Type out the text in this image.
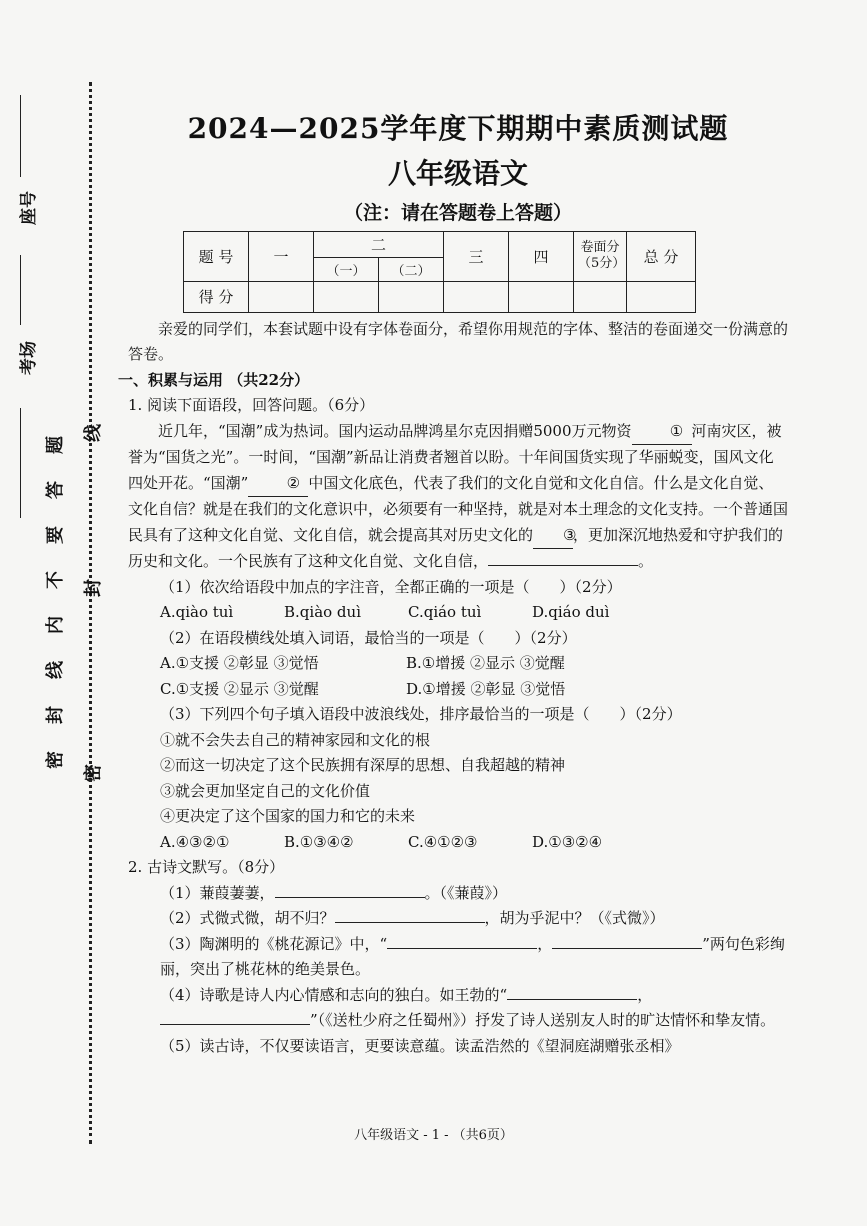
座号
考场
线
封
密
题
答
要
不
内
线
封
密
2024—2025学年度下期期中素质测试题
八年级语文
（注：请在答题卷上答题）
题 号	一	二		三	四	卷面分（5分）	总 分
		（一）	（二）				
得 分							

亲爱的同学们，本套试题中设有字体卷面分，希望你用规范的字体、整洁的卷面递交一份满意的答卷。

一、积累与运用 （共22分）

1. 阅读下面语段，回答问题。（6分）

近几年，“国潮”成为热词。国内运动品牌鸿星尔克因捐赠5000万元物资	① 河南灾区，被誉为“国货之光”。一时间，“国潮”新品让消费者翘首以盼。十年间国货实现了华丽蜕变，国风文化四处开花。“国潮”	② 中国文化底色，代表了我们的文化自觉和文化自信。什么是文化自觉、文化自信？就是在我们的文化意识中，必须要有一种坚持，就是对本土理念的文化支持。一个普通国民具有了这种文化自觉、文化自信，就会提高其对历史文化的 ③，更加深沉地热爱和守护我们的历史和文化。一个民族有了这种文化自觉、文化自信，	。

（1）依次给语段中加点的字注音，全都正确的一项是（　　）（2分）

A.qiào tuì	B.qiào duì	C.qiáo tuì	D.qiáo duì

（2）在语段横线处填入词语，最恰当的一项是（　　）（2分）

A.①支援 ②彰显 ③觉悟	B.①增援 ②显示 ③觉醒
C.①支援 ②显示 ③觉醒	D.①增援 ②彰显 ③觉悟

（3）下列四个句子填入语段中波浪线处，排序最恰当的一项是（　　）（2分）

①就不会失去自己的精神家园和文化的根

②而这一切决定了这个民族拥有深厚的思想、自我超越的精神

③就会更加坚定自己的文化价值

④更决定了这个国家的国力和它的未来

A.④③②①	B.①③④②	C.④①②③	D.①③②④

2. 古诗文默写。（8分）

（1）蒹葭萋萋，	。（《蒹葭》）

（2）式微式微，胡不归？	，胡为乎泥中？（《式微》）

（3）陶渊明的《桃花源记》中，“	，	”两句色彩绚丽，突出了桃花林的绝美景色。

（4）诗歌是诗人内心情感和志向的独白。如王勃的“	，”（《送杜少府之任蜀州》）抒发了诗人送别友人时的旷达情怀和挚友情。

（5）读古诗，不仅要读语言，更要读意蕴。读孟浩然的《望洞庭湖赠张丞相》

八年级语文 - 1 - （共6页）
